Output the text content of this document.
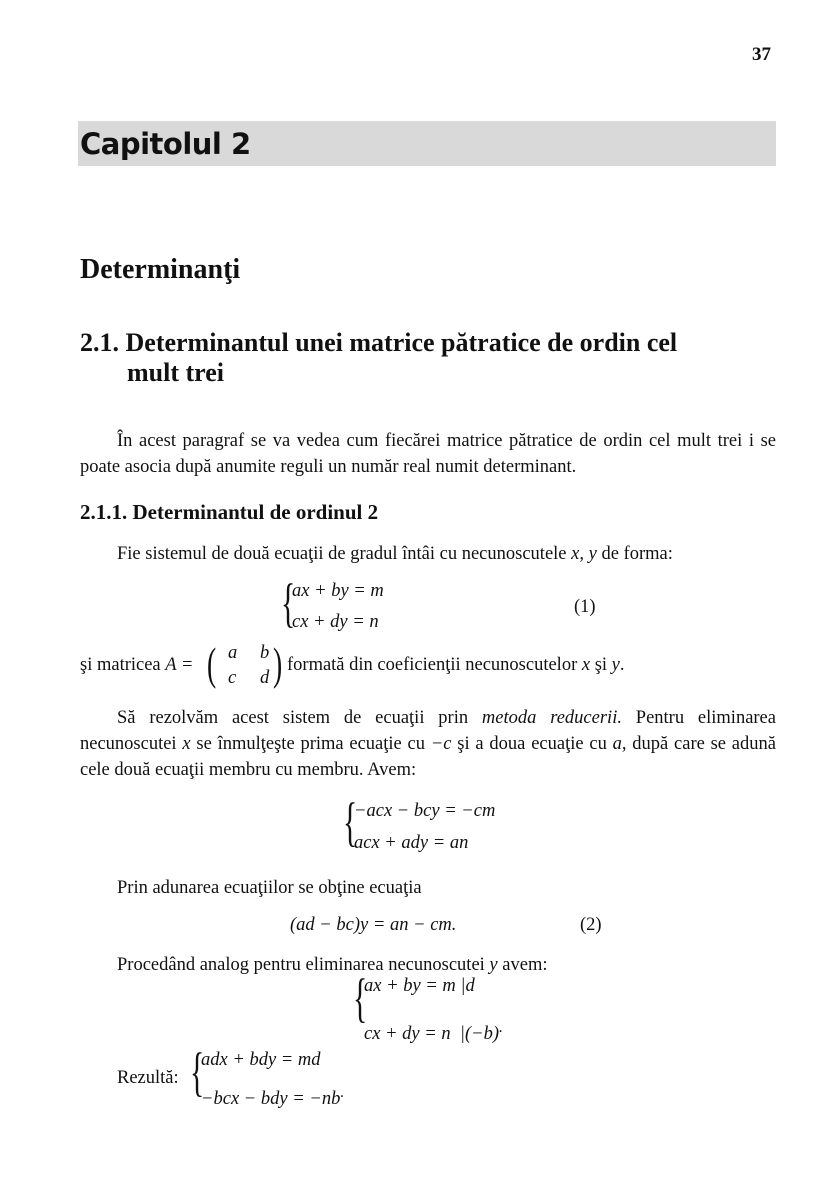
37
Capitolul 2
Determinanţi
2.1. Determinantul unei matrice pătratice de ordin cel
mult trei
În acest paragraf se va vedea cum fiecărei matrice pătratice de ordin cel mult trei i se poate asocia după anumite reguli un număr real numit determinant.
2.1.1. Determinantul de ordinul 2
Fie sistemul de două ecuaţii de gradul întâi cu necunoscutele x, y de forma:
{
ax + by = m
cx + dy = n
(1)
şi matricea A = ( a b
c d ) formată din coeficienţii necunoscutelor x şi y.
Să rezolvăm acest sistem de ecuaţii prin metoda reducerii. Pentru eliminarea necunoscutei x se înmulţeşte prima ecuaţie cu −c şi a doua ecuaţie cu a, după care se adună cele două ecuaţii membru cu membru. Avem:
{
−acx − bcy = −cm
acx + ady = an
Prin adunarea ecuaţiilor se obţine ecuaţia
(ad − bc)y = an − cm.	(2)
Procedând analog pentru eliminarea necunoscutei y avem:
{
ax + by = m |d
cx + dy = n |(−b).
Rezultă: {
adx + bdy = md
−bcx − bdy = −nb.
